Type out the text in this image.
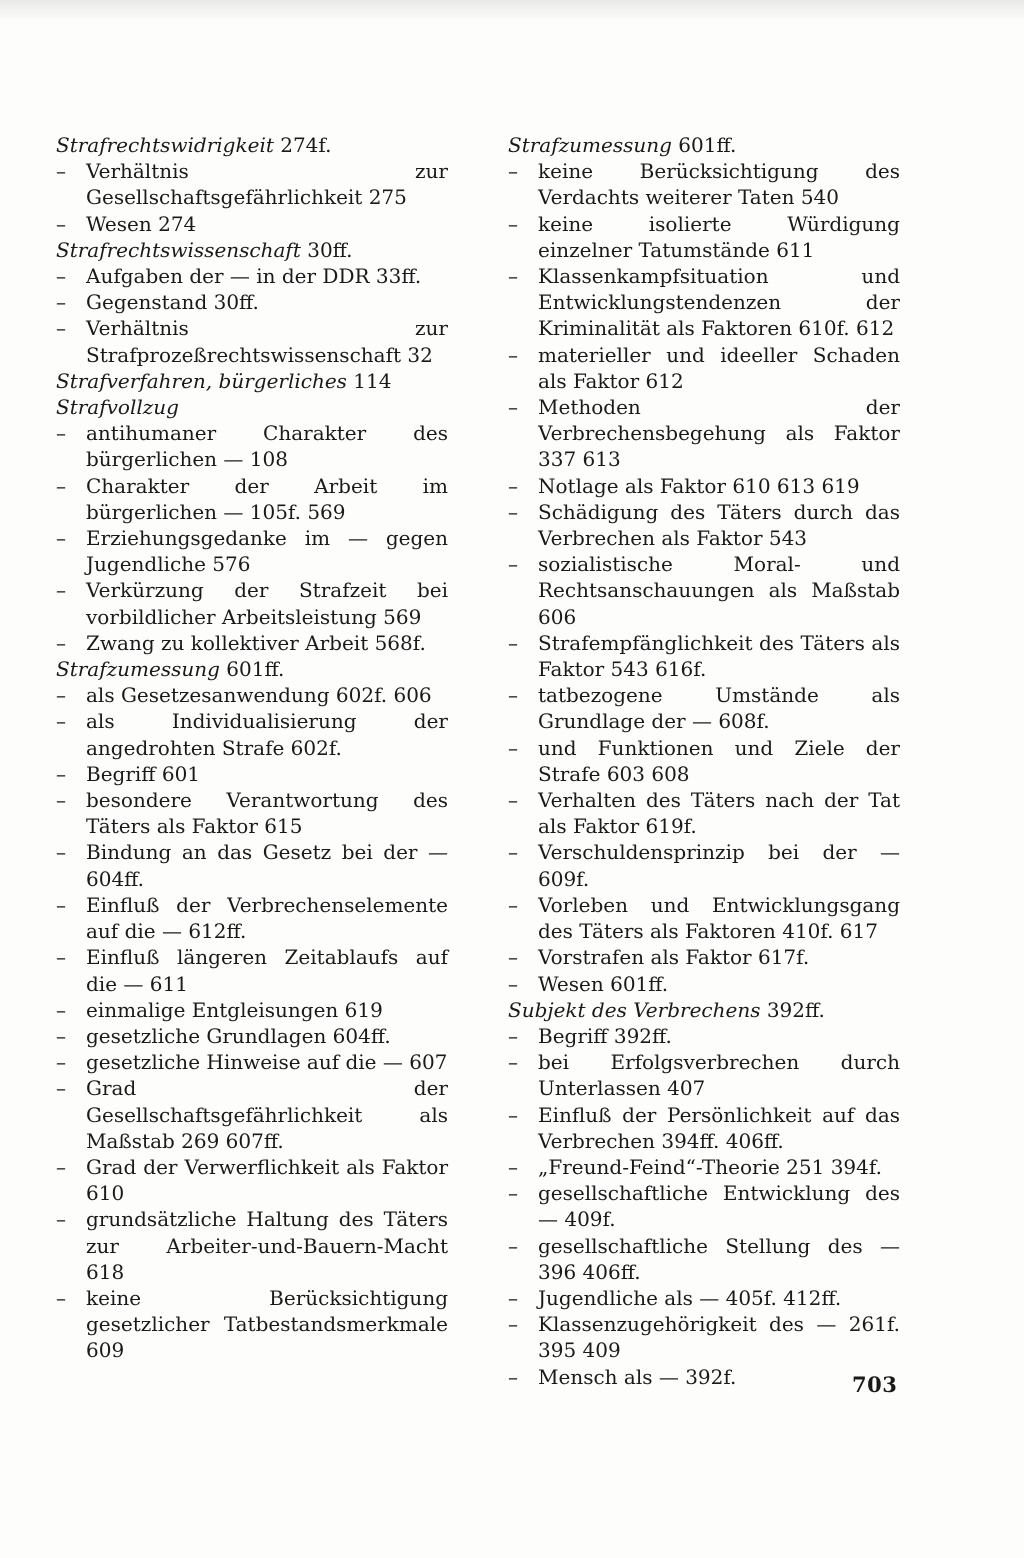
Strafrechtswidrigkeit 274f.
– Verhältnis zur Gesellschaftsgefährlichkeit 275
– Wesen 274
Strafrechtswissenschaft 30ff.
– Aufgaben der — in der DDR 33ff.
– Gegenstand 30ff.
– Verhältnis zur Strafprozeßrechtswissenschaft 32
Strafverfahren, bürgerliches 114
Strafvollzug
– antihumaner Charakter des bürgerlichen — 108
– Charakter der Arbeit im bürgerlichen — 105f. 569
– Erziehungsgedanke im — gegen Jugendliche 576
– Verkürzung der Strafzeit bei vorbildlicher Arbeitsleistung 569
– Zwang zu kollektiver Arbeit 568f.
Strafzumessung 601ff.
– als Gesetzesanwendung 602f. 606
– als Individualisierung der angedrohten Strafe 602f.
– Begriff 601
– besondere Verantwortung des Täters als Faktor 615
– Bindung an das Gesetz bei der — 604ff.
– Einfluß der Verbrechenselemente auf die — 612ff.
– Einfluß längeren Zeitablaufs auf die — 611
– einmalige Entgleisungen 619
– gesetzliche Grundlagen 604ff.
– gesetzliche Hinweise auf die — 607
– Grad der Gesellschaftsgefährlichkeit als Maßstab 269 607ff.
– Grad der Verwerflichkeit als Faktor 610
– grundsätzliche Haltung des Täters zur Arbeiter-und-Bauern-Macht 618
– keine Berücksichtigung gesetzlicher Tatbestandsmerkmale 609
Strafzumessung 601ff.
– keine Berücksichtigung des Verdachts weiterer Taten 540
– keine isolierte Würdigung einzelner Tatumstände 611
– Klassenkampfsituation und Entwicklungstendenzen der Kriminalität als Faktoren 610f. 612
– materieller und ideeller Schaden als Faktor 612
– Methoden der Verbrechensbegehung als Faktor 337 613
– Notlage als Faktor 610 613 619
– Schädigung des Täters durch das Verbrechen als Faktor 543
– sozialistische Moral- und Rechtsanschauungen als Maßstab 606
– Strafempfänglichkeit des Täters als Faktor 543 616f.
– tatbezogene Umstände als Grundlage der — 608f.
– und Funktionen und Ziele der Strafe 603 608
– Verhalten des Täters nach der Tat als Faktor 619f.
– Verschuldensprinzip bei der — 609f.
– Vorleben und Entwicklungsgang des Täters als Faktoren 410f. 617
– Vorstrafen als Faktor 617f.
– Wesen 601ff.
Subjekt des Verbrechens 392ff.
– Begriff 392ff.
– bei Erfolgsverbrechen durch Unterlassen 407
– Einfluß der Persönlichkeit auf das Verbrechen 394ff. 406ff.
– „Freund-Feind“-Theorie 251 394f.
– gesellschaftliche Entwicklung des — 409f.
– gesellschaftliche Stellung des — 396 406ff.
– Jugendliche als — 405f. 412ff.
– Klassenzugehörigkeit des — 261f. 395 409
– Mensch als — 392f.	703
